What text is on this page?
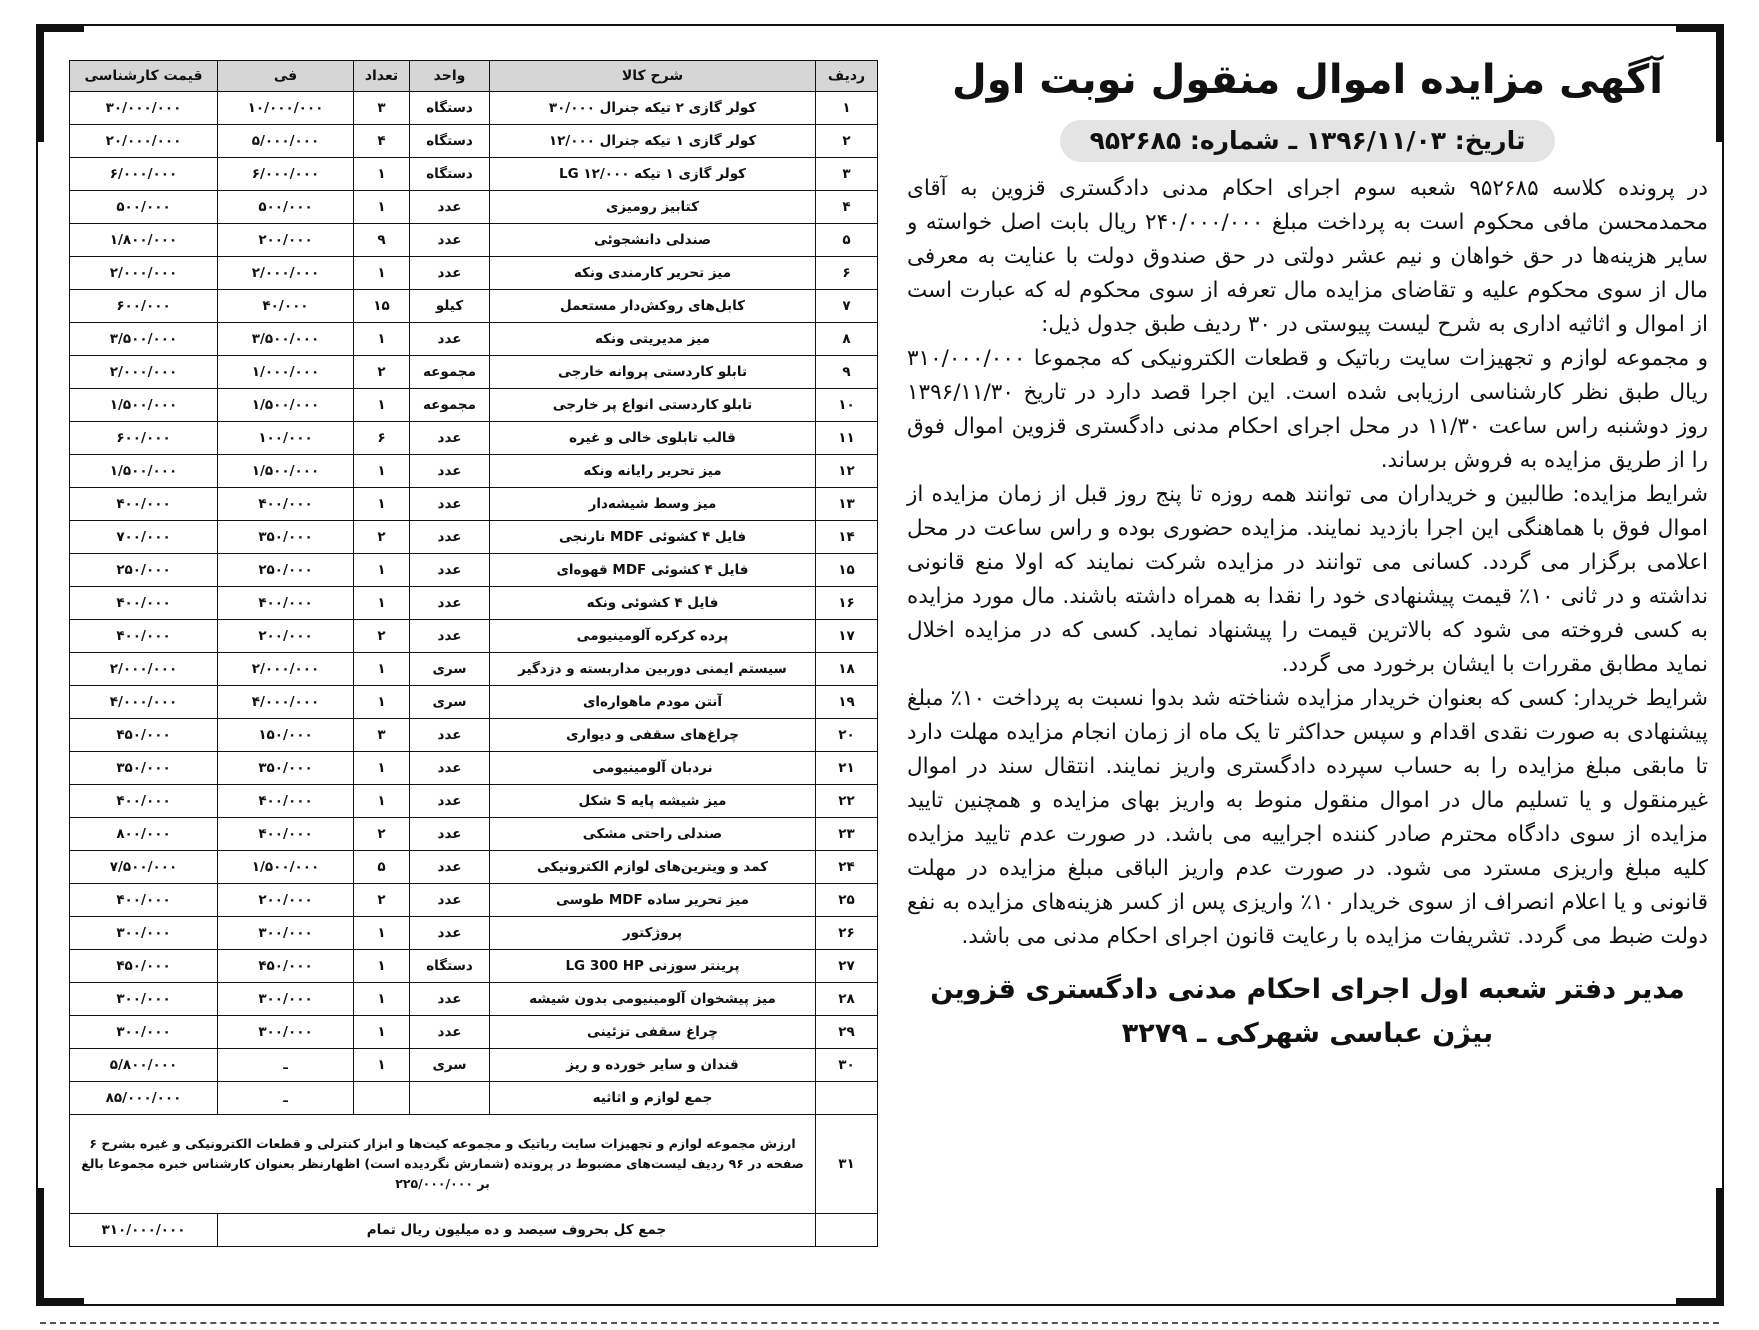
آگهی مزایده اموال منقول نوبت اول
تاریخ: ۱۳۹۶/۱۱/۰۳ ـ شماره: ۹۵۲۶۸۵

در پرونده کلاسه ۹۵۲۶۸۵ شعبه سوم اجرای احکام مدنی دادگستری قزوین به آقای محمدمحسن مافی محکوم است به پرداخت مبلغ ۲۴۰/۰۰۰/۰۰۰ ریال بابت اصل خواسته و سایر هزینه‌ها در حق خواهان و نیم عشر دولتی در حق صندوق دولت با عنایت به معرفی مال از سوی محکوم علیه و تقاضای مزایده مال تعرفه از سوی محکوم له که عبارت است از اموال و اثاثیه اداری به شرح لیست پیوستی در ۳۰ ردیف طبق جدول ذیل:

و مجموعه لوازم و تجهیزات سایت رباتیک و قطعات الکترونیکی که مجموعا ۳۱۰/۰۰۰/۰۰۰ ریال طبق نظر کارشناسی ارزیابی شده است. این اجرا قصد دارد در تاریخ ۱۳۹۶/۱۱/۳۰ روز دوشنبه راس ساعت ۱۱/۳۰ در محل اجرای احکام مدنی دادگستری قزوین اموال فوق را از طریق مزایده به فروش برساند.

شرایط مزایده: طالبین و خریداران می توانند همه روزه تا پنج روز قبل از زمان مزایده از اموال فوق با هماهنگی این اجرا بازدید نمایند. مزایده حضوری بوده و راس ساعت در محل اعلامی برگزار می گردد. کسانی می توانند در مزایده شرکت نمایند که اولا منع قانونی نداشته و در ثانی ۱۰٪ قیمت پیشنهادی خود را نقدا به همراه داشته باشند. مال مورد مزایده به کسی فروخته می شود که بالاترین قیمت را پیشنهاد نماید. کسی که در مزایده اخلال نماید مطابق مقررات با ایشان برخورد می گردد.

شرایط خریدار: کسی که بعنوان خریدار مزایده شناخته شد بدوا نسبت به پرداخت ۱۰٪ مبلغ پیشنهادی به صورت نقدی اقدام و سپس حداکثر تا یک ماه از زمان انجام مزایده مهلت دارد تا مابقی مبلغ مزایده را به حساب سپرده دادگستری واریز نمایند. انتقال سند در اموال غیرمنقول و یا تسلیم مال در اموال منقول منوط به واریز بهای مزایده و همچنین تایید مزایده از سوی دادگاه محترم صادر کننده اجراییه می باشد. در صورت عدم تایید مزایده کلیه مبلغ واریزی مسترد می شود. در صورت عدم واریز الباقی مبلغ مزایده در مهلت قانونی و یا اعلام انصراف از سوی خریدار ۱۰٪ واریزی پس از کسر هزینه‌های مزایده به نفع دولت ضبط می گردد. تشریفات مزایده با رعایت قانون اجرای احکام مدنی می باشد.

مدیر دفتر شعبه اول اجرای احکام مدنی دادگستری قزوین
بیژن عباسی شهرکی ـ ۳۲۷۹
ردیف	شرح کالا	واحد	تعداد	فی	قیمت کارشناسی
۱	کولر گازی ۲ تیکه جنرال ۳۰/۰۰۰	دستگاه	۳	۱۰/۰۰۰/۰۰۰	۳۰/۰۰۰/۰۰۰
۲	کولر گازی ۱ تیکه جنرال ۱۲/۰۰۰	دستگاه	۴	۵/۰۰۰/۰۰۰	۲۰/۰۰۰/۰۰۰
۳	کولر گازی ۱ تیکه LG ۱۲/۰۰۰	دستگاه	۱	۶/۰۰۰/۰۰۰	۶/۰۰۰/۰۰۰
۴	کتابیز رومیزی	عدد	۱	۵۰۰/۰۰۰	۵۰۰/۰۰۰
۵	صندلی دانشجوئی	عدد	۹	۲۰۰/۰۰۰	۱/۸۰۰/۰۰۰
۶	میز تحریر کارمندی ونکه	عدد	۱	۲/۰۰۰/۰۰۰	۲/۰۰۰/۰۰۰
۷	کابل‌های روکش‌دار مستعمل	کیلو	۱۵	۴۰/۰۰۰	۶۰۰/۰۰۰
۸	میز مدیریتی ونکه	عدد	۱	۳/۵۰۰/۰۰۰	۳/۵۰۰/۰۰۰
۹	تابلو کاردستی پروانه خارجی	مجموعه	۲	۱/۰۰۰/۰۰۰	۲/۰۰۰/۰۰۰
۱۰	تابلو کاردستی انواع پر خارجی	مجموعه	۱	۱/۵۰۰/۰۰۰	۱/۵۰۰/۰۰۰
۱۱	قالب تابلوی خالی و غیره	عدد	۶	۱۰۰/۰۰۰	۶۰۰/۰۰۰
۱۲	میز تحریر رایانه ونکه	عدد	۱	۱/۵۰۰/۰۰۰	۱/۵۰۰/۰۰۰
۱۳	میز وسط شیشه‌دار	عدد	۱	۴۰۰/۰۰۰	۴۰۰/۰۰۰
۱۴	فایل ۴ کشوئی MDF نارنجی	عدد	۲	۳۵۰/۰۰۰	۷۰۰/۰۰۰
۱۵	فایل ۴ کشوئی MDF قهوه‌ای	عدد	۱	۲۵۰/۰۰۰	۲۵۰/۰۰۰
۱۶	فایل ۴ کشوئی ونکه	عدد	۱	۴۰۰/۰۰۰	۴۰۰/۰۰۰
۱۷	پرده کرکره آلومینیومی	عدد	۲	۲۰۰/۰۰۰	۴۰۰/۰۰۰
۱۸	سیستم ایمنی دوربین مداربسته و دزدگیر	سری	۱	۲/۰۰۰/۰۰۰	۲/۰۰۰/۰۰۰
۱۹	آنتن مودم ماهواره‌ای	سری	۱	۴/۰۰۰/۰۰۰	۴/۰۰۰/۰۰۰
۲۰	چراغ‌های سقفی و دیواری	عدد	۳	۱۵۰/۰۰۰	۴۵۰/۰۰۰
۲۱	نردبان آلومینیومی	عدد	۱	۳۵۰/۰۰۰	۳۵۰/۰۰۰
۲۲	میز شیشه پایه S شکل	عدد	۱	۴۰۰/۰۰۰	۴۰۰/۰۰۰
۲۳	صندلی راحتی مشکی	عدد	۲	۴۰۰/۰۰۰	۸۰۰/۰۰۰
۲۴	کمد و ویترین‌های لوازم الکترونیکی	عدد	۵	۱/۵۰۰/۰۰۰	۷/۵۰۰/۰۰۰
۲۵	میز تحریر ساده MDF طوسی	عدد	۲	۲۰۰/۰۰۰	۴۰۰/۰۰۰
۲۶	پروژکتور	عدد	۱	۳۰۰/۰۰۰	۳۰۰/۰۰۰
۲۷	پرینتر سوزنی LG 300 HP	دستگاه	۱	۴۵۰/۰۰۰	۴۵۰/۰۰۰
۲۸	میز پیشخوان آلومینیومی بدون شیشه	عدد	۱	۳۰۰/۰۰۰	۳۰۰/۰۰۰
۲۹	چراغ سقفی تزئینی	عدد	۱	۳۰۰/۰۰۰	۳۰۰/۰۰۰
۳۰	قندان و سایر خورده و ریز	سری	۱	ـ	۵/۸۰۰/۰۰۰
	جمع لوازم و اثاثیه			ـ	۸۵/۰۰۰/۰۰۰
۳۱	ارزش مجموعه لوازم و تجهیزات سایت رباتیک و مجموعه کیت‌ها و ابزار کنترلی و قطعات الکترونیکی و غیره بشرح ۶ صفحه در ۹۶ ردیف لیست‌های مضبوط در پرونده (شمارش نگردیده است) اظهارنظر بعنوان کارشناس خبره مجموعا بالغ بر ۲۲۵/۰۰۰/۰۰۰				
	جمع کل بحروف سیصد و ده میلیون ریال تمام				۳۱۰/۰۰۰/۰۰۰
